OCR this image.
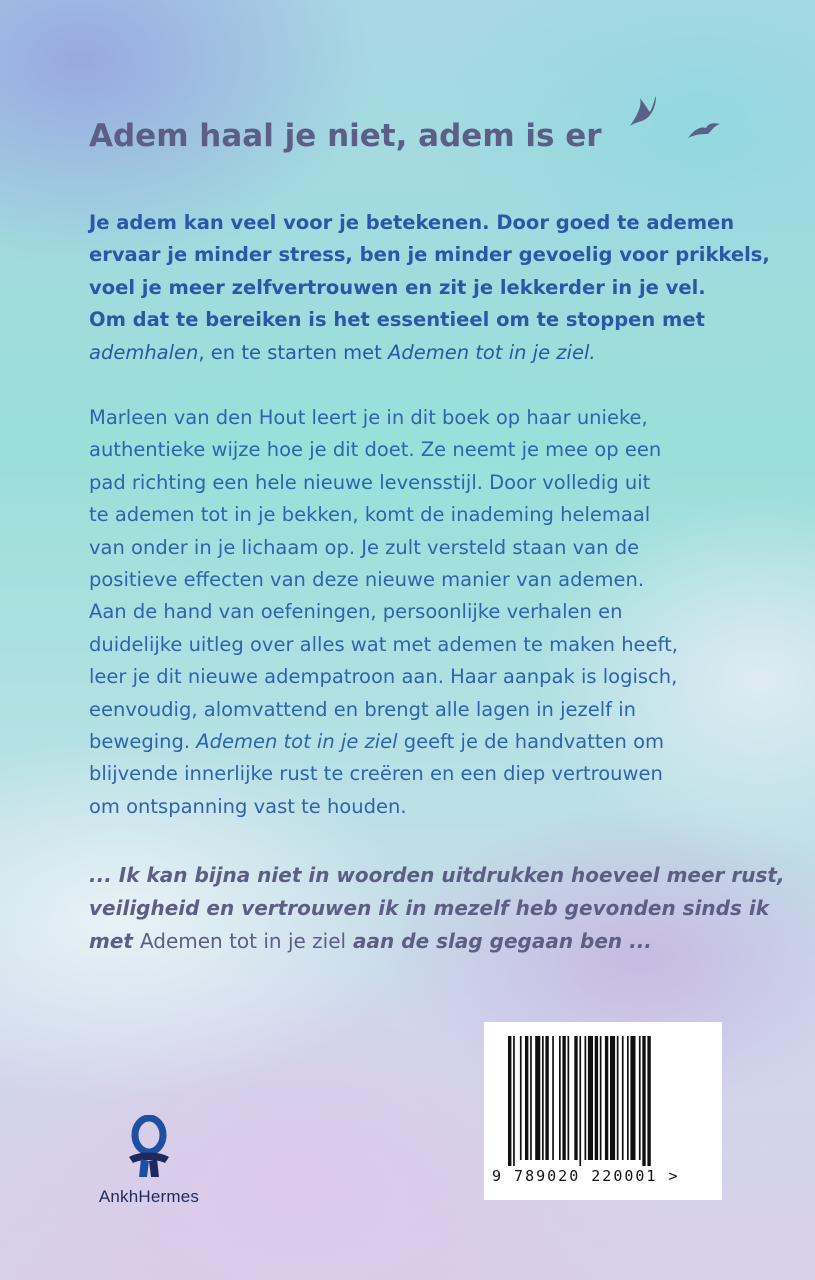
Adem haal je niet, adem is er

Je adem kan veel voor je betekenen. Door goed te ademen
ervaar je minder stress, ben je minder gevoelig voor prikkels,
voel je meer zelfvertrouwen en zit je lekkerder in je vel.
Om dat te bereiken is het essentieel om te stoppen met
ademhalen, en te starten met Ademen tot in je ziel.

Marleen van den Hout leert je in dit boek op haar unieke,
authentieke wijze hoe je dit doet. Ze neemt je mee op een
pad richting een hele nieuwe levensstijl. Door volledig uit
te ademen tot in je bekken, komt de inademing helemaal
van onder in je lichaam op. Je zult versteld staan van de
positieve effecten van deze nieuwe manier van ademen.
Aan de hand van oefeningen, persoonlijke verhalen en
duidelijke uitleg over alles wat met ademen te maken heeft,
leer je dit nieuwe adempatroon aan. Haar aanpak is logisch,
eenvoudig, alomvattend en brengt alle lagen in jezelf in
beweging. Ademen tot in je ziel geeft je de handvatten om
blijvende innerlijke rust te creëren en een diep vertrouwen
om ontspanning vast te houden.

... Ik kan bijna niet in woorden uitdrukken hoeveel meer rust,
veiligheid en vertrouwen ik in mezelf heb gevonden sinds ik
met Ademen tot in je ziel aan de slag gegaan ben ...

AnkhHermes
9 789020 220001 >
